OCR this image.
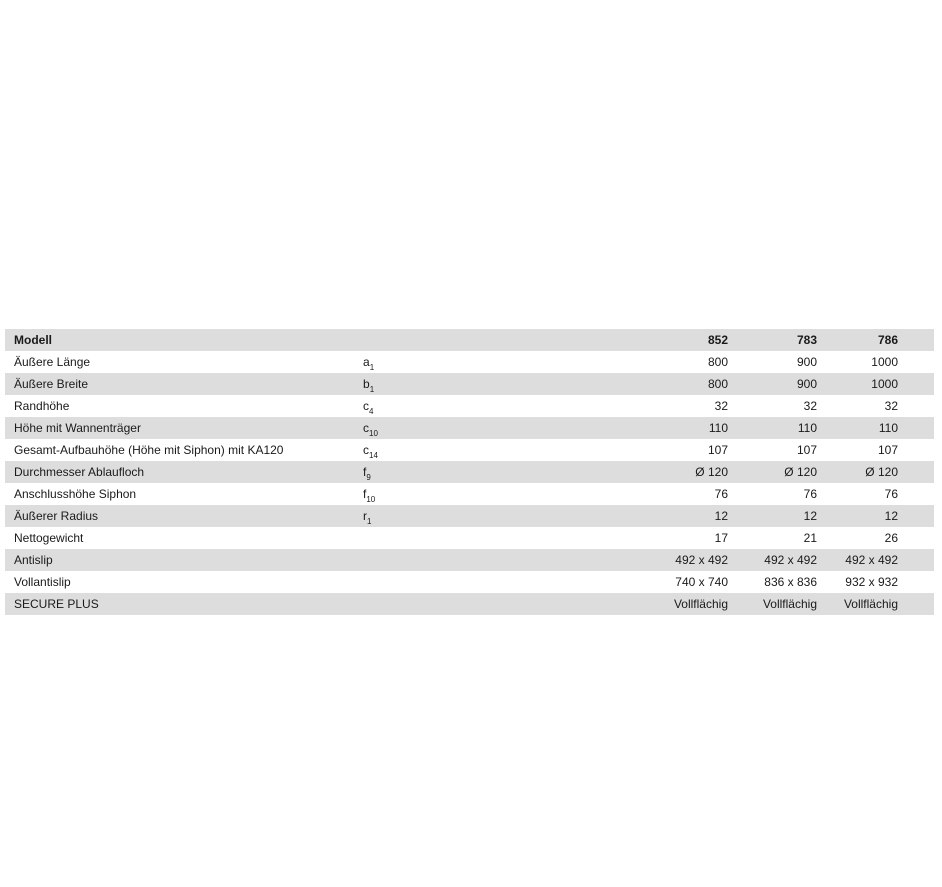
Modell		852	783	786	
Äußere Länge	$a_1$	800	900	1000	
Äußere Breite	$b_1$	800	900	1000	
Randhöhe	$c_4$	32	32	32	
Höhe mit Wannenträger	$c_{10}$	110	110	110	
Gesamt-Aufbauhöhe (Höhe mit Siphon) mit KA120	$c_{14}$	107	107	107	
Durchmesser Ablaufloch	$f_9$	Ø 120	Ø 120	Ø 120	
Anschlusshöhe Siphon	$f_{10}$	76	76	76	
Äußerer Radius	$r_1$	12	12	12	
Nettogewicht		17	21	26	
Antislip		492 x 492	492 x 492	492 x 492	
Vollantislip		740 x 740	836 x 836	932 x 932	
SECURE PLUS		Vollflächig	Vollflächig	Vollflächig	
